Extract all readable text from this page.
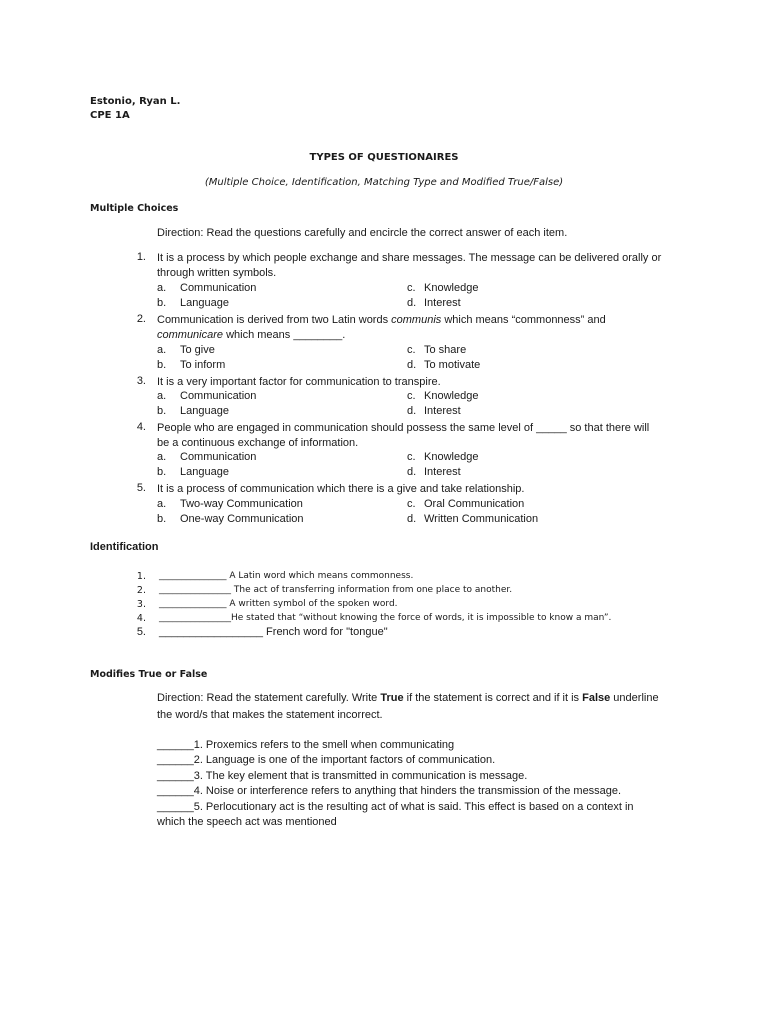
Estonio, Ryan L.
CPE 1A
TYPES OF QUESTIONAIRES
(Multiple Choice, Identification, Matching Type and Modified True/False)
Multiple Choices
Direction: Read the questions carefully and encircle the correct answer of each item.
1. It is a process by which people exchange and share messages. The message can be delivered orally or
through written symbols.
a. Communication
b. Language
c. Knowledge
d. Interest
2. Communication is derived from two Latin words communis which means “commonness” and
communicare which means ________.
a. To give
b. To inform
c. To share
d. To motivate
3. It is a very important factor for communication to transpire.
a. Communication
b. Language
c. Knowledge
d. Interest
4. People who are engaged in communication should possess the same level of _____ so that there will
be a continuous exchange of information.
a. Communication
b. Language
c. Knowledge
d. Interest
5. It is a process of communication which there is a give and take relationship.
a. Two-way Communication
b. One-way Communication
c. Oral Communication
d. Written Communication
Identification
1. _______________ A Latin word which means commonness.
2. ________________ The act of transferring information from one place to another.
3. _______________ A written symbol of the spoken word.
4. ________________He stated that “without knowing the force of words, it is impossible to know a man”.
5. _________________ French word for "tongue"
Modifies True or False
Direction: Read the statement carefully. Write True if the statement is correct and if it is False underline
the word/s that makes the statement incorrect.
______1. Proxemics refers to the smell when communicating
______2. Language is one of the important factors of communication.
______3. The key element that is transmitted in communication is message.
______4. Noise or interference refers to anything that hinders the transmission of the message.
______5. Perlocutionary act is the resulting act of what is said. This effect is based on a context in
which the speech act was mentioned
